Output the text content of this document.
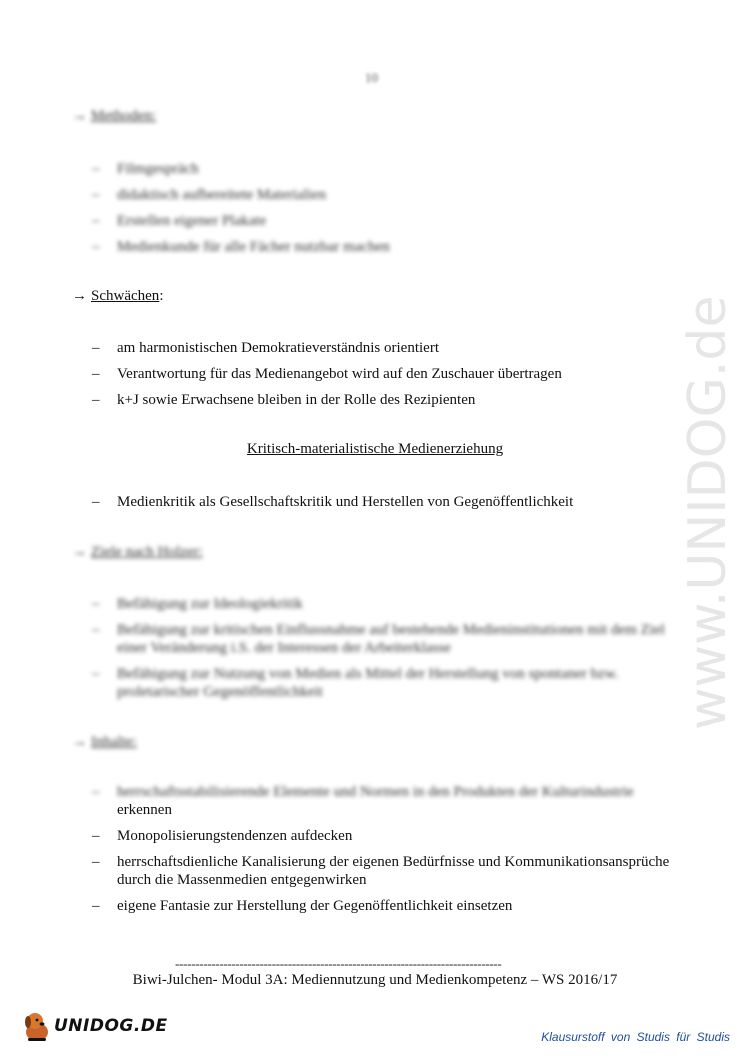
10
→ Methoden:
– Filmgespräch
– didaktisch aufbereitete Materialien
– Erstellen eigener Plakate
– Medienkunde für alle Fächer nutzbar machen
→ Schwächen:
– am harmonistischen Demokratieverständnis orientiert
– Verantwortung für das Medienangebot wird auf den Zuschauer übertragen
– k+J sowie Erwachsene bleiben in der Rolle des Rezipienten
Kritisch-materialistische Medienerziehung
– Medienkritik als Gesellschaftskritik und Herstellen von Gegenöffentlichkeit
→ Ziele nach Holzer:
– Befähigung zur Ideologiekritik
– Befähigung zur kritischen Einflussnahme auf bestehende Medieninstitutionen mit dem Ziel einer Veränderung i.S. der Interessen der Arbeiterklasse
– Befähigung zur Nutzung von Medien als Mittel der Herstellung von spontaner bzw. proletarischer Gegenöffentlichkeit
→ Inhalte:
– herrschaftsstabilisierende Elemente und Normen in den Produkten der Kulturindustrie
erkennen
– Monopolisierungstendenzen aufdecken
– herrschaftsdienliche Kanalisierung der eigenen Bedürfnisse und Kommunikationsansprüche durch die Massenmedien entgegenwirken
– eigene Fantasie zur Herstellung der Gegenöffentlichkeit einsetzen
---------------------------------------------------------------------------------
Biwi-Julchen- Modul 3A: Mediennutzung und Medienkompetenz – WS 2016/17
www.UNIDOG.de
UNIDOG.DE
Klausurstoff von Studis für Studis
